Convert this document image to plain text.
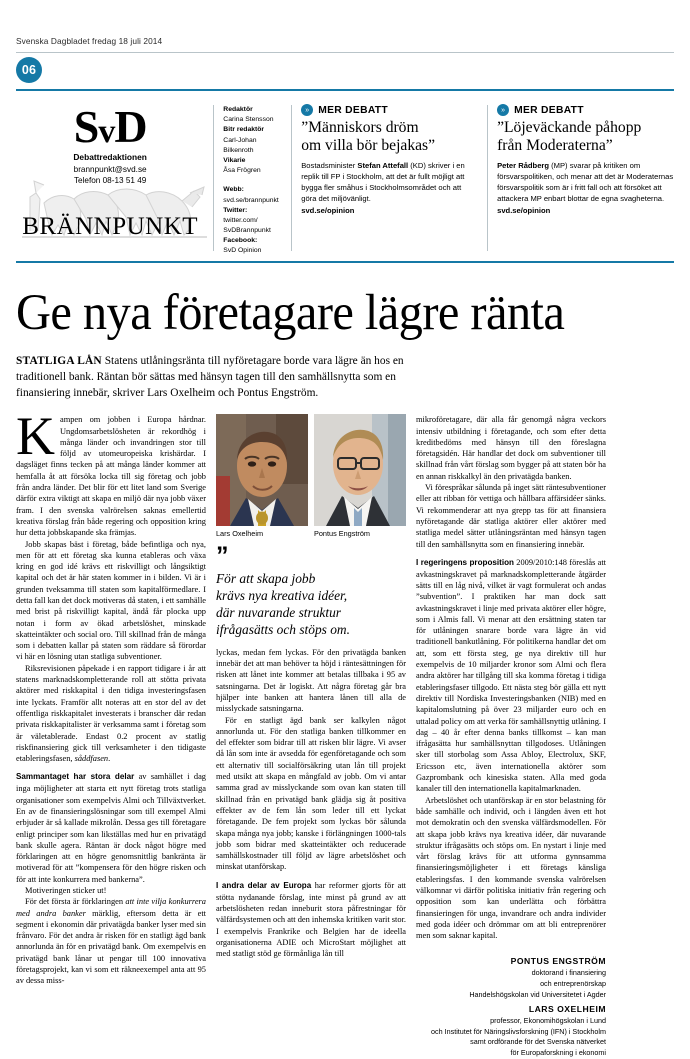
Svenska Dagbladet fredag 18 juli 2014
06
SvD
Debattredaktionen
brannpunkt@svd.se
Telefon 08-13 51 49
BRÄNNPUNKT
Redaktör
Carina Stensson
Bitr redaktör
Carl-Johan
Bilkenroth
Vikarie
Åsa Frögren
Webb:
svd.se/brannpunkt
Twitter:
twitter.com/
SvDBrannpunkt
Facebook:
SvD Opinion
» MER DEBATT
”Människors dröm
om villa bör bejakas”
Bostadsminister Stefan Attefall (KD) skriver i en replik till FP i Stockholm, att det är fullt möjligt att bygga fler småhus i Stockholmsområdet och att göra det miljövänligt.
svd.se/opinion
» MER DEBATT
”Löjeväckande påhopp
från Moderaterna”
Peter Rådberg (MP) svarar på kritiken om försvarspolitiken, och menar att det är Moderaternas försvarspolitik som är i fritt fall och att försöket att attackera MP enbart blottar de egna svagheterna.
svd.se/opinion
Ge nya företagare lägre ränta
STATLIGA LÅN Statens utlåningsränta till nyföretagare borde vara lägre än hos en traditionell bank. Räntan bör sättas med hänsyn tagen till den samhällsnytta som en finansiering innebär, skriver Lars Oxelheim och Pontus Engström.

Kampen om jobben i Europa hårdnar. Ungdomsarbetslösheten är rekordhög i många länder och invandringen stor till följd av utomeuropeiska krishärdar. I dagsläget finns tecken på att många länder kommer att hemfalla åt att försöka locka till sig företag och jobb från andra länder. Det blir för ett litet land som Sverige därför extra viktigt att skapa en miljö där nya jobb växer fram. I den svenska valrörelsen saknas emellertid kreativa förslag från både regering och opposition kring hur detta jobbskapande ska främjas.

Jobb skapas bäst i företag, både befintliga och nya, men för att ett företag ska kunna etableras och växa kring en god idé krävs ett riskvilligt och långsiktigt kapital och det är här staten kommer in i bilden. Vi är i grunden tveksamma till staten som kapitalförmedlare. I detta fall kan det dock motiveras då staten, i ett samhälle med brist på riskvilligt kapital, ändå får plocka upp notan i form av ökad arbetslöshet, minskade skatteintäkter och social oro. Till skillnad från de många som i debatten kallar på staten som räddare så förordar vi här en lösning utan statliga subventioner.

Riksrevisionen påpekade i en rapport tidigare i år att statens marknadskompletterande roll att stötta privata aktörer med riskkapital i den tidiga investeringsfasen inte lyckats. Framför allt noteras att en stor del av det offentliga riskkapitalet investerats i branscher där redan privata riskkapitalister är verksamma samt i företag som är väletablerade. Endast 0.2 procent av statlig riskfinansiering gick till verksamheter i den tidigaste etableringsfasen, såddfasen.

Sammantaget har stora delar av samhället i dag inga möjligheter att starta ett nytt företag trots statliga organisationer som exempelvis Almi och Tillväxtverket. En av de finansieringslösningar som till exempel Almi erbjuder är så kallade mikrolån. Dessa ges till företagare enligt principer som kan likställas med hur en privatägd bank skulle agera. Räntan är dock något högre med förklaringen att en högre genomsnittlig bankränta är motiverad för att ”kompensera för den högre risken och för att inte konkurrera med bankerna”.

Motiveringen sticker ut!

För det första är förklaringen att inte vilja konkurrera med andra banker märklig, eftersom detta är ett segment i ekonomin där privatägda banker lyser med sin frånvaro. För det andra är risken för en statligt ägd bank annorlunda än för en privatägd bank. Om exempelvis en privatägd bank lånar ut pengar till 100 innovativa företagsprojekt, kan vi som ett räkneexempel anta att 95 av dessa miss-

Lars Oxelheim	Pontus Engström
”
För att skapa jobb
krävs nya kreativa idéer,
där nuvarande struktur
ifrågasätts och stöps om.

lyckas, medan fem lyckas. För den privatägda banken innebär det att man behöver ta höjd i räntesättningen för risken att lånet inte kommer att betalas tillbaka i 95 av satsningarna. Det är logiskt. Att några företag går bra hjälper inte banken att hantera lånen till alla de misslyckade satsningarna.

För en statligt ägd bank ser kalkylen något annorlunda ut. För den statliga banken tillkommer en del effekter som bidrar till att risken blir lägre. Vi avser då lån som inte är avsedda för egenföretagande och som ett alternativ till socialförsäkring utan lån till projekt med utsikt att skapa en mångfald av jobb. Om vi antar samma grad av misslyckande som ovan kan staten till skillnad från en privatägd bank glädja sig åt positiva effekter av de fem lån som leder till ett lyckat företagande. De fem projekt som lyckas bör sålunda skapa många nya jobb; kanske i förlängningen 1000-tals jobb som bidrar med skatteintäkter och reducerade samhällskostnader till följd av lägre arbetslöshet och minskat utanförskap.

I andra delar av Europa har reformer gjorts för att stötta nydanande förslag, inte minst på grund av att arbetslösheten redan inneburit stora påfrestningar för välfärdsystemen och att den inhemska kritiken varit stor. I exempelvis Frankrike och Belgien har de ideella organisationerna ADIE och MicroStart möjlighet att med statligt stöd ge förmånliga lån till

mikroföretagare, där alla får genomgå några veckors intensiv utbildning i företagande, och som efter detta kreditbedöms med hänsyn till den föreslagna företagsidén. Här handlar det dock om subventioner till skillnad från vårt förslag som bygger på att staten bör ha en annan riskkalkyl än den privatägda banken.

Vi förespråkar sålunda på inget sätt räntesubventioner eller att ribban för vettiga och hållbara affärsidéer sänks. Vi rekommenderar att nya grepp tas för att finansiera nyföretagande där statliga aktörer eller aktörer med statliga medel sätter utlåningsräntan med hänsyn tagen till den samhällsnytta som en finansiering innebär.

I regeringens proposition 2009/2010:148 föreslås att avkastningskravet på marknadskompletterande åtgärder sätts till en låg nivå, vilket är vagt formulerat och andas ”subvention”. I praktiken har man dock satt avkastningskravet i linje med privata aktörer eller högre, som i Almis fall. Vi menar att den ersättning staten tar för utlåningen snarare borde vara lägre än vid traditionell bankutlåning. För politikerna handlar det om att, som ett första steg, ge nya direktiv till hur exempelvis de 10 miljarder kronor som Almi och flera andra aktörer har tillgång till ska komma företag i tidiga etableringsfaser tillgodo. Ett nästa steg bör gälla ett nytt direktiv till Nordiska Investeringsbanken (NIB) med en kapitalomslutning på över 23 miljarder euro och en uttalad policy om att verka för samhällsnyttig utlåning. I dag – 40 år efter denna banks tillkomst – kan man ifrågasätta hur samhällsnyttan tillgodoses. Utlåningen sker till storbolag som Assa Abloy, Electrolux, SKF, Ericsson etc, även internationella aktörer som Gazprombank och kinesiska staten. Alla med goda kanaler till den internationella kapitalmarknaden.

Arbetslöshet och utanförskap är en stor belastning för både samhälle och individ, och i längden även ett hot mot demokratin och den svenska välfärdsmodellen. För att skapa jobb krävs nya kreativa idéer, där nuvarande struktur ifrågasätts och stöps om. En nystart i linje med vårt förslag krävs för att utforma gynnsamma finansieringsmöjligheter i ett företags känsliga etableringsfas. I den kommande svenska valrörelsen välkomnar vi därför politiska initiativ från regering och opposition som kan underlätta och förbättra finansieringen för unga, invandrare och andra individer med goda idéer och drömmar om att bli entreprenörer men som saknar kapital.

PONTUS ENGSTRÖM
doktorand i finansiering
och entreprenörskap
Handelshögskolan vid Universitetet i Agder
LARS OXELHEIM
professor, Ekonomihögskolan i Lund
och Institutet för Näringslivsforskning (IFN) i Stockholm
samt ordförande för det Svenska nätverket
för Europaforskning i ekonomi
